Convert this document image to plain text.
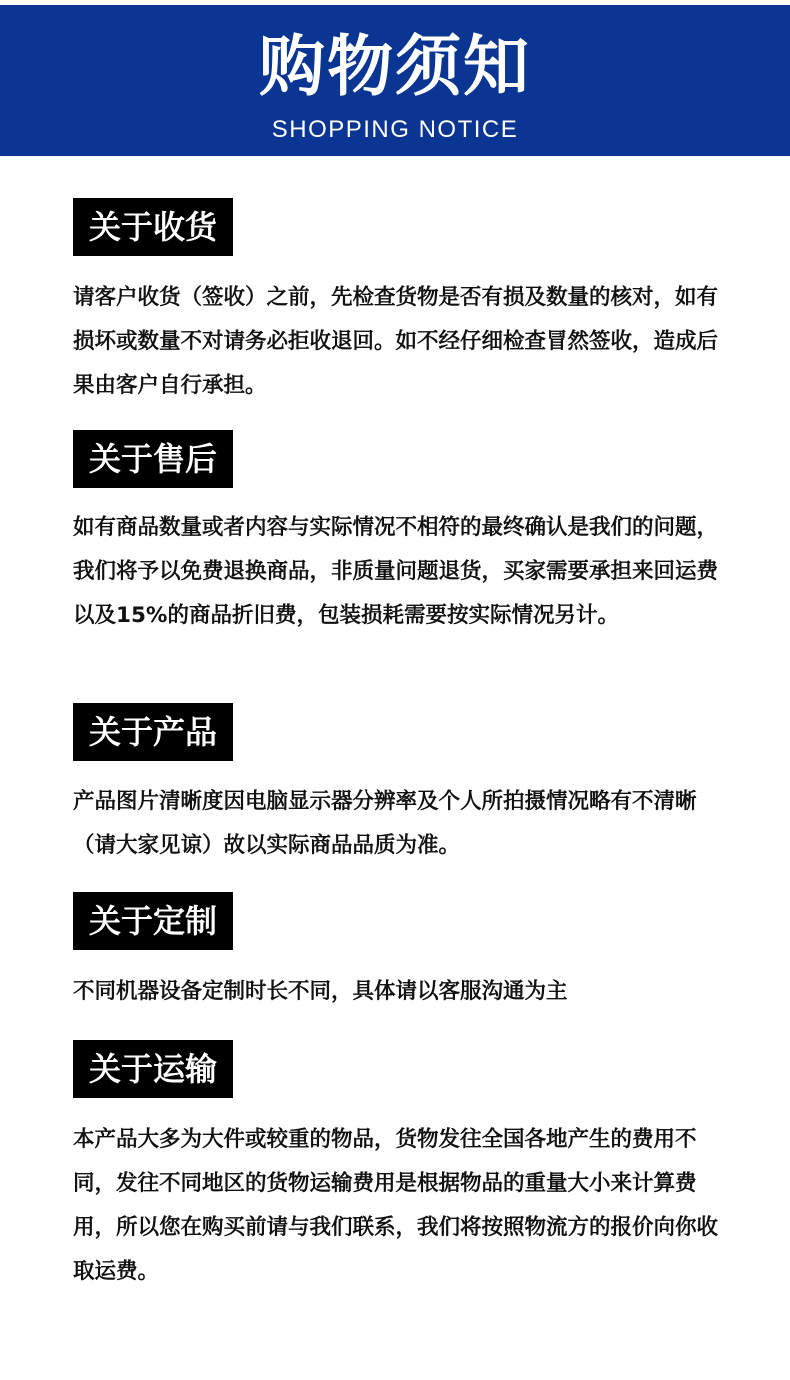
购物须知
SHOPPING NOTICE
关于收货

请客户收货（签收）之前，先检查货物是否有损及数量的核对，如有损坏或数量不对请务必拒收退回。如不经仔细检查冒然签收，造成后果由客户自行承担。

关于售后

如有商品数量或者内容与实际情况不相符的最终确认是我们的问题，我们将予以免费退换商品，非质量问题退货，买家需要承担来回运费以及15%的商品折旧费，包装损耗需要按实际情况另计。

关于产品

产品图片清晰度因电脑显示器分辨率及个人所拍摄情况略有不清晰 （请大家见谅）故以实际商品品质为准。

关于定制

不同机器设备定制时长不同，具体请以客服沟通为主

关于运输

本产品大多为大件或较重的物品，货物发往全国各地产生的费用不同，发往不同地区的货物运输费用是根据物品的重量大小来计算费用，所以您在购买前请与我们联系，我们将按照物流方的报价向你收取运费。
